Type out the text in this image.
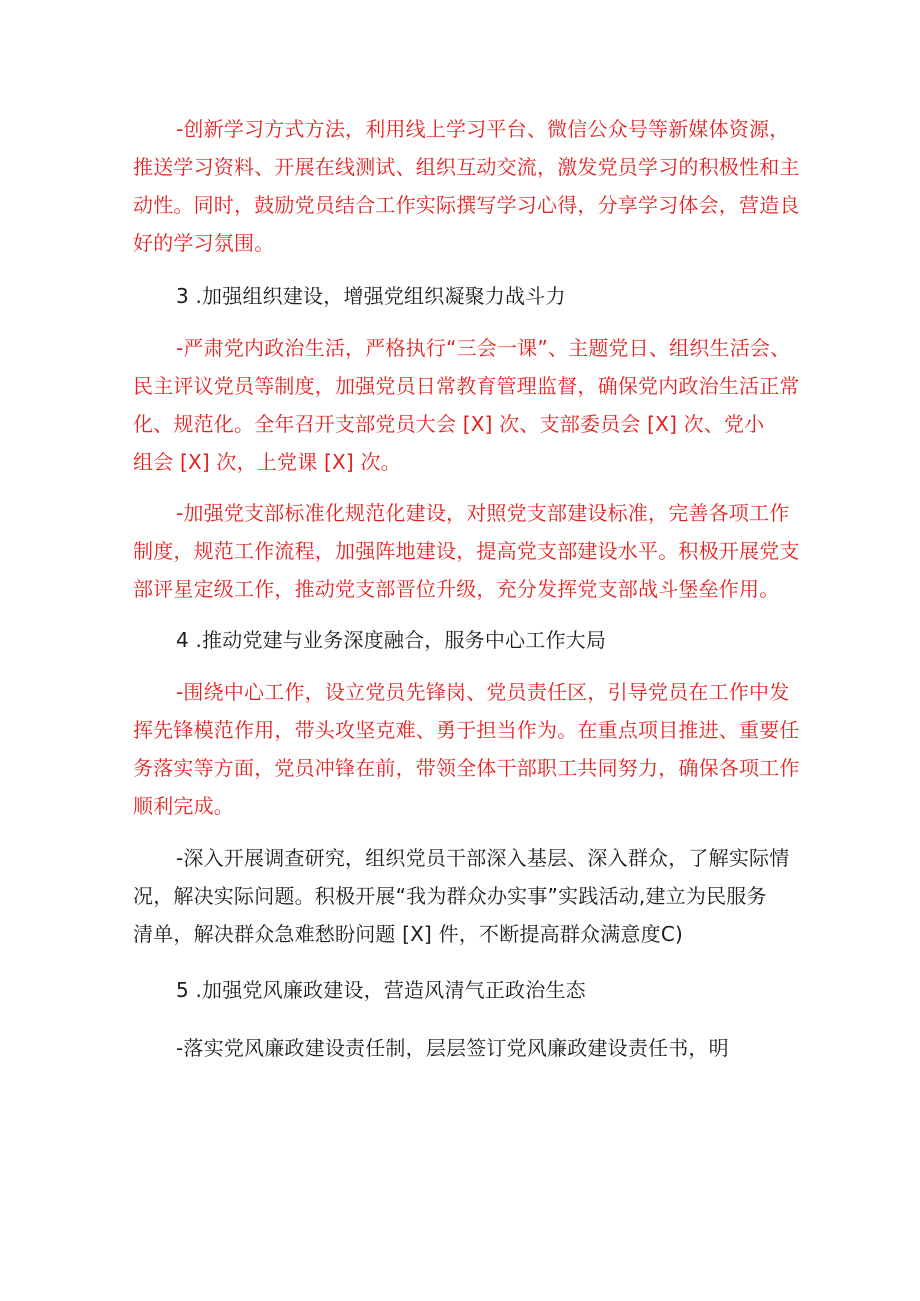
-创新学习方式方法，利用线上学习平台、微信公众号等新媒体资源，
推送学习资料、开展在线测试、组织互动交流，激发党员学习的积极性和主
动性。同时，鼓励党员结合工作实际撰写学习心得，分享学习体会，营造良
好的学习氛围。
3 .加强组织建设，增强党组织凝聚力战斗力
-严肃党内政治生活，严格执行“三会一课”、主题党日、组织生活会、
民主评议党员等制度，加强党员日常教育管理监督，确保党内政治生活正常
化、规范化。全年召开支部党员大会 [X] 次、支部委员会 [X] 次、党小
组会 [X] 次，上党课 [X] 次。
-加强党支部标准化规范化建设，对照党支部建设标准，完善各项工作
制度，规范工作流程，加强阵地建设，提高党支部建设水平。积极开展党支
部评星定级工作，推动党支部晋位升级，充分发挥党支部战斗堡垒作用。
4 .推动党建与业务深度融合，服务中心工作大局
-围绕中心工作，设立党员先锋岗、党员责任区，引导党员在工作中发
挥先锋模范作用，带头攻坚克难、勇于担当作为。在重点项目推进、重要任
务落实等方面，党员冲锋在前，带领全体干部职工共同努力，确保各项工作
顺利完成。
-深入开展调查研究，组织党员干部深入基层、深入群众，了解实际情
况，解决实际问题。积极开展“我为群众办实事”实践活动,建立为民服务
清单，解决群众急难愁盼问题 [X] 件，不断提高群众满意度C)
5 .加强党风廉政建设，营造风清气正政治生态
-落实党风廉政建设责任制，层层签订党风廉政建设责任书，明
